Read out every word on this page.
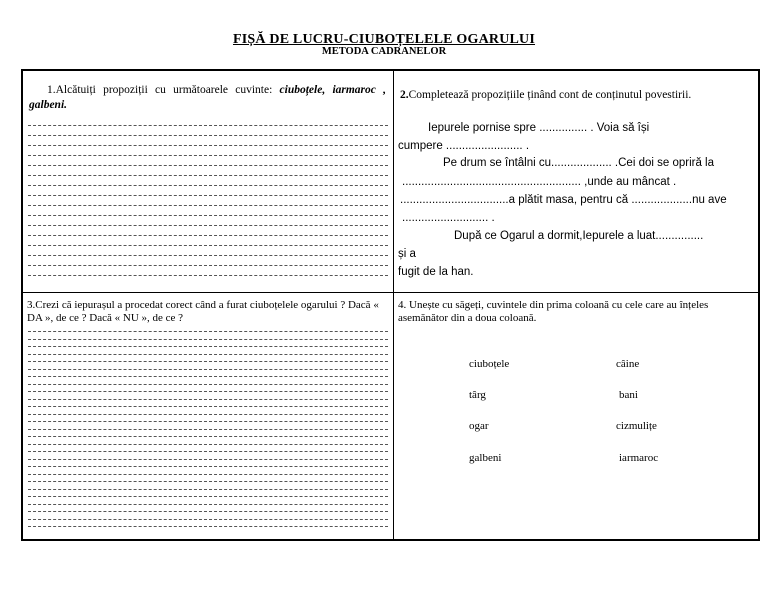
FIȘĂ DE LUCRU-CIUBOȚELELE OGARULUI
METODA CADRANELOR
1.Alcătuiți propoziții cu următoarele cuvinte: ciuboțele, iarmaroc , galbeni.
2.Completează propozițiile ținând cont de conținutul povestirii.
Iepurele pornise spre ............... . Voia să își
cumpere ........................ .
Pe drum se întâlni cu................... .Cei doi se opriră la
........................................................ ,unde au mâncat .
..................................a plătit masa, pentru că ...................nu ave
........................... .
După ce Ogarul a dormit,Iepurele a luat...............
și a
fugit de la han.
3.Crezi că iepurașul a procedat corect când a furat ciuboțelele ogarului ? Dacă « DA », de ce ? Dacă « NU », de ce ?
4. Unește cu săgeți, cuvintele din prima coloană cu cele care au înțeles asemănător din a doua coloană.
ciuboțele
târg
ogar
galbeni
câine
bani
cizmulițe
iarmaroc
